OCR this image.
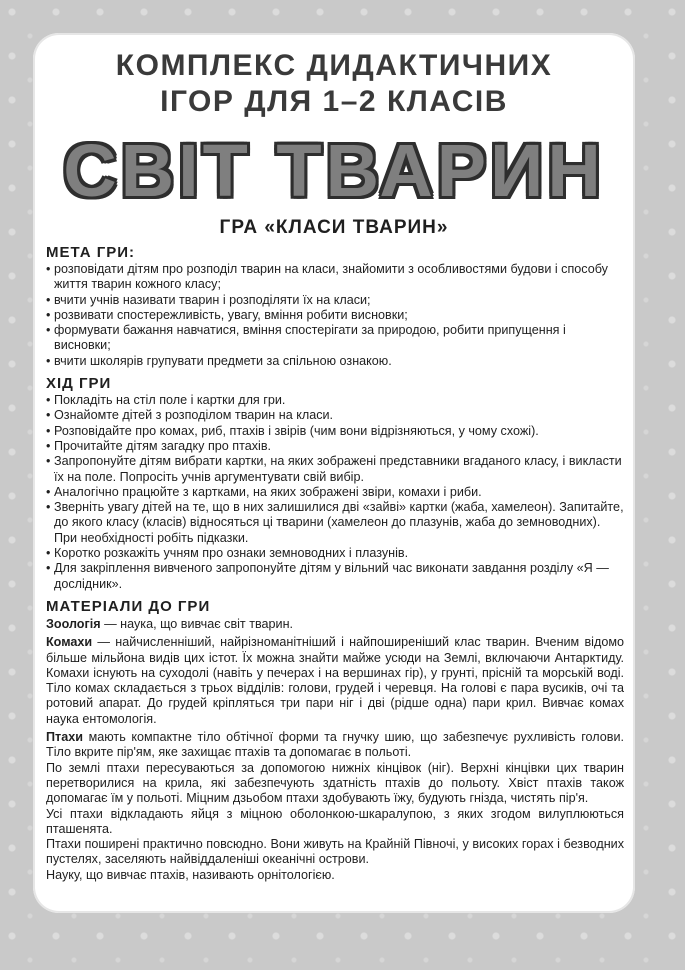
КОМПЛЕКС ДИДАКТИЧНИХ
ІГОР ДЛЯ 1–2 КЛАСІВ
СВІТ ТВАРИН
ГРА «КЛАСИ ТВАРИН»
МЕТА ГРИ:
• розповідати дітям про розподіл тварин на класи, знайомити з особливостями будови і способу життя тварин кожного класу;
• вчити учнів називати тварин і розподіляти їх на класи;
• розвивати спостережливість, увагу, вміння робити висновки;
• формувати бажання навчатися, вміння спостерігати за природою, робити припущення і висновки;
• вчити школярів групувати предмети за спільною ознакою.
ХІД ГРИ
• Покладіть на стіл поле і картки для гри.
• Ознайомте дітей з розподілом тварин на класи.
• Розповідайте про комах, риб, птахів і звірів (чим вони відрізняються, у чому схожі).
• Прочитайте дітям загадку про птахів.
• Запропонуйте дітям вибрати картки, на яких зображені представники вгаданого класу, і викласти їх на поле. Попросіть учнів аргументувати свій вибір.
• Аналогічно працюйте з картками, на яких зображені звіри, комахи і риби.
• Зверніть увагу дітей на те, що в них залишилися дві «зайві» картки (жаба, хамелеон). Запитайте, до якого класу (класів) відносяться ці тварини (хамелеон до плазунів, жаба до земноводних). При необхідності робіть підказки.
• Коротко розкажіть учням про ознаки земноводних і плазунів.
• Для закріплення вивченого запропонуйте дітям у вільний час виконати завдання розділу «Я — дослідник».
МАТЕРІАЛИ ДО ГРИ

Зоологія — наука, що вивчає світ тварин.

Комахи — найчисленніший, найрізноманітніший і найпоширеніший клас тварин. Вченим відомо більше мільйона видів цих істот. Їх можна знайти майже усюди на Землі, включаючи Антарктиду. Комахи існують на суходолі (навіть у печерах і на вершинах гір), у грунті, прісній та морській воді. Тіло комах складається з трьох відділів: голови, грудей і черевця. На голові є пара вусиків, очі та ротовий апарат. До грудей кріпляться три пари ніг і дві (рідше одна) пари крил. Вивчає комах наука ентомологія.

Птахи мають компактне тіло обтічної форми та гнучку шию, що забезпечує рухливість голови. Тіло вкрите пір'ям, яке захищає птахів та допомагає в польоті.

По землі птахи пересуваються за допомогою нижніх кінцівок (ніг). Верхні кінцівки цих тварин перетворилися на крила, які забезпечують здатність птахів до польоту. Хвіст птахів також допомагає їм у польоті. Міцним дзьобом птахи здобувають їжу, будують гнізда, чистять пір'я.

Усі птахи відкладають яйця з міцною оболонкою-шкаралупою, з яких згодом вилуплюються пташенята.

Птахи поширені практично повсюдно. Вони живуть на Крайній Півночі, у високих горах і безводних пустелях, заселяють найвіддаленіші океанічні острови.

Науку, що вивчає птахів, називають орнітологією.
